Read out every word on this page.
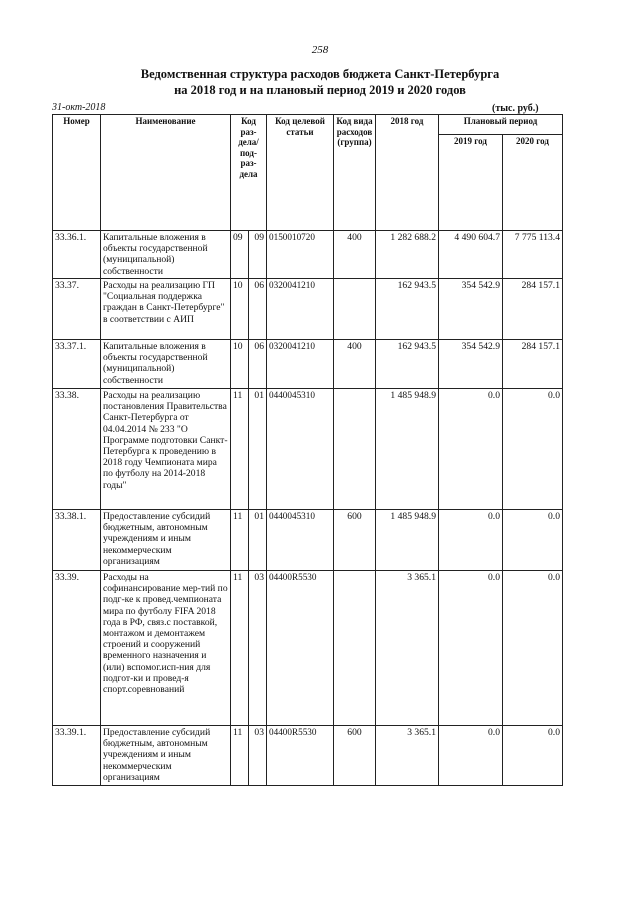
258
Ведомственная структура расходов бюджета Санкт-Петербурга
на 2018 год и на плановый период 2019 и 2020 годов
31-окт-2018	(тыс. руб.)
Номер	Наименование	Код раз-дела/ под-раз-дела		Код целевой статьи	Код вида расходов (группа)	2018 год	Плановый период	
							2019 год	2020 год
33.36.1.	Капитальные вложения в объекты государственной (муниципальной) собственности	09	09	0150010720	400	1 282 688.2	4 490 604.7	7 775 113.4
33.37.	Расходы на реализацию ГП "Социальная поддержка граждан в Санкт-Петербурге" в соответствии с АИП	10	06	0320041210		162 943.5	354 542.9	284 157.1
33.37.1.	Капитальные вложения в объекты государственной (муниципальной) собственности	10	06	0320041210	400	162 943.5	354 542.9	284 157.1
33.38.	Расходы на реализацию постановления Правительства Санкт-Петербурга от 04.04.2014 № 233 "О Программе подготовки Санкт-Петербурга к проведению в 2018 году Чемпионата мира по футболу на 2014-2018 годы"	11	01	0440045310		1 485 948.9	0.0	0.0
33.38.1.	Предоставление субсидий бюджетным, автономным учреждениям и иным некоммерческим организациям	11	01	0440045310	600	1 485 948.9	0.0	0.0
33.39.	Расходы на софинансирование мер-тий по подг-ке к провед.чемпионата мира по футболу FIFA 2018 года в РФ, связ.с поставкой, монтажом и демонтажем строений и сооружений временного назначения и (или) вспомог.исп-ния для подгот-ки и провед-я спорт.соревнований	11	03	04400R5530		3 365.1	0.0	0.0
33.39.1.	Предоставление субсидий бюджетным, автономным учреждениям и иным некоммерческим организациям	11	03	04400R5530	600	3 365.1	0.0	0.0
